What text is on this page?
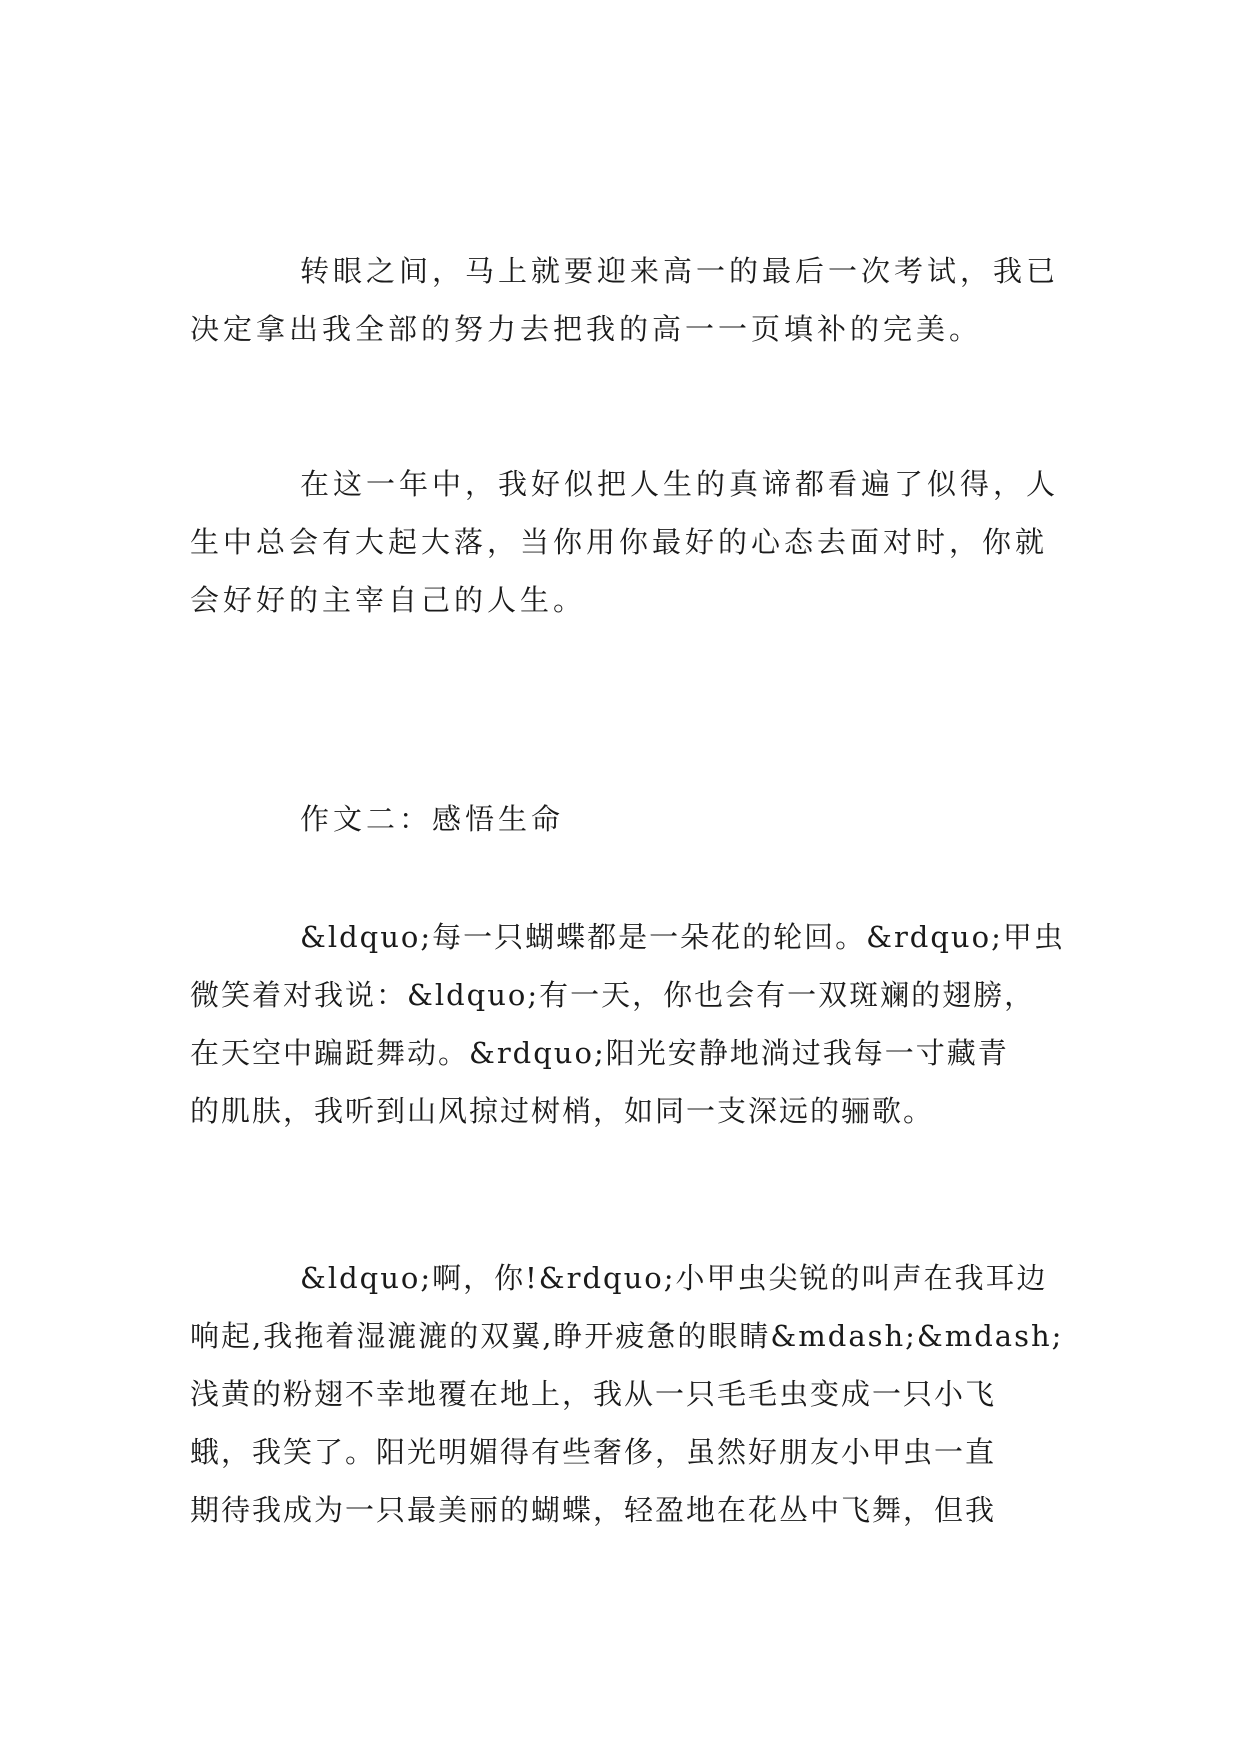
转眼之间，马上就要迎来高一的最后一次考试，我已
决定拿出我全部的努力去把我的高一一页填补的完美。
在这一年中，我好似把人生的真谛都看遍了似得，人
生中总会有大起大落，当你用你最好的心态去面对时，你就
会好好的主宰自己的人生。
作文二：感悟生命
&ldquo;每一只蝴蝶都是一朵花的轮回。&rdquo;甲虫
微笑着对我说：&ldquo;有一天，你也会有一双斑斓的翅膀，
在天空中蹁跹舞动。&rdquo;阳光安静地淌过我每一寸藏青
的肌肤，我听到山风掠过树梢，如同一支深远的骊歌。
&ldquo;啊，你!&rdquo;小甲虫尖锐的叫声在我耳边
响起,我拖着湿漉漉的双翼,睁开疲惫的眼睛&mdash;&mdash;
浅黄的粉翅不幸地覆在地上，我从一只毛毛虫变成一只小飞
蛾，我笑了。阳光明媚得有些奢侈，虽然好朋友小甲虫一直
期待我成为一只最美丽的蝴蝶，轻盈地在花丛中飞舞，但我
